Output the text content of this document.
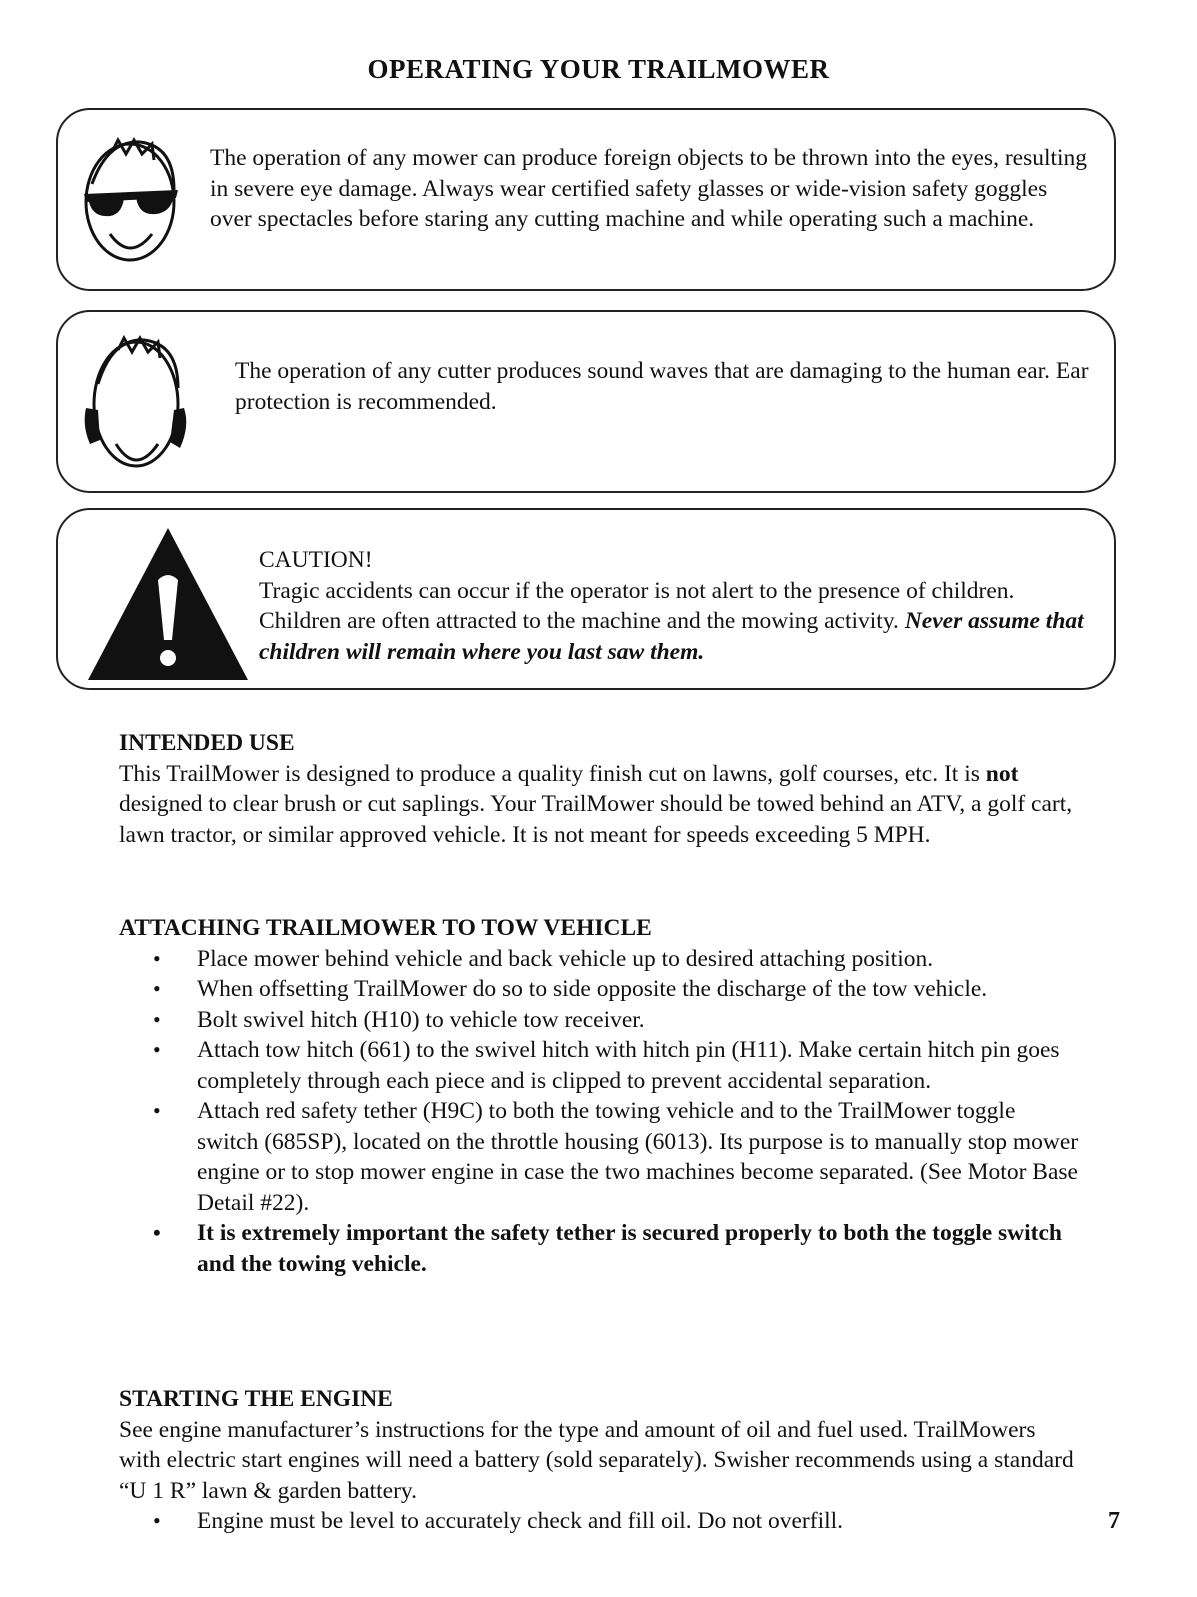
OPERATING YOUR TRAILMOWER
The operation of any mower can produce foreign objects to be thrown into the eyes, resulting in severe eye damage. Always wear certified safety glasses or wide-vision safety goggles over spectacles before staring any cutting machine and while operating such a machine.
The operation of any cutter produces sound waves that are damaging to the human ear. Ear protection is recommended.
CAUTION!
Tragic accidents can occur if the operator is not alert to the presence of children. Children are often attracted to the machine and the mowing activity. Never assume that children will remain where you last saw them.
INTENDED USE

This TrailMower is designed to produce a quality finish cut on lawns, golf courses, etc. It is not designed to clear brush or cut saplings. Your TrailMower should be towed behind an ATV, a golf cart, lawn tractor, or similar approved vehicle. It is not meant for speeds exceeding 5 MPH.

ATTACHING TRAILMOWER TO TOW VEHICLE
• Place mower behind vehicle and back vehicle up to desired attaching position.
• When offsetting TrailMower do so to side opposite the discharge of the tow vehicle.
• Bolt swivel hitch (H10) to vehicle tow receiver.
• Attach tow hitch (661) to the swivel hitch with hitch pin (H11). Make certain hitch pin goes completely through each piece and is clipped to prevent accidental separation.
• Attach red safety tether (H9C) to both the towing vehicle and to the TrailMower toggle switch (685SP), located on the throttle housing (6013). Its purpose is to manually stop mower engine or to stop mower engine in case the two machines become separated. (See Motor Base Detail #22).
• It is extremely important the safety tether is secured properly to both the toggle switch and the towing vehicle.
STARTING THE ENGINE

See engine manufacturer’s instructions for the type and amount of oil and fuel used. TrailMowers with electric start engines will need a battery (sold separately). Swisher recommends using a standard “U 1 R” lawn & garden battery.

• Engine must be level to accurately check and fill oil. Do not overfill.	7
